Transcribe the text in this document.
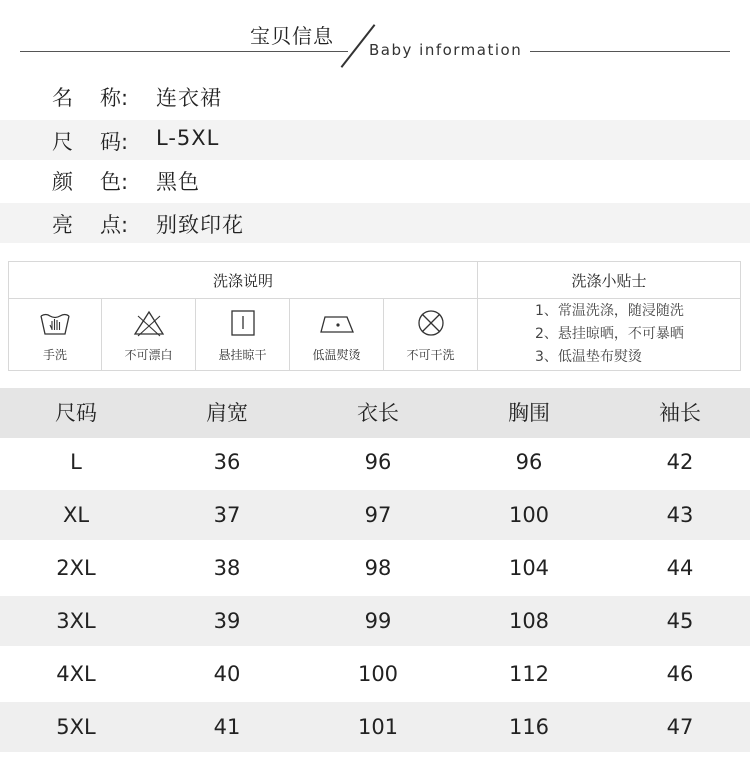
宝贝信息
Baby information
名 称: 连衣裙
尺 码: L-5XL
颜 色: 黑色
亮 点: 别致印花
洗涤说明	洗涤小贴士
手洗	不可漂白	悬挂晾干	低温熨烫	不可干洗
1、常温洗涤，随浸随洗
2、悬挂晾晒，不可暴晒
3、低温垫布熨烫
尺码	肩宽	衣长	胸围	袖长
L	36	96	96	42
XL	37	97	100	43
2XL	38	98	104	44
3XL	39	99	108	45
4XL	40	100	112	46
5XL	41	101	116	47
